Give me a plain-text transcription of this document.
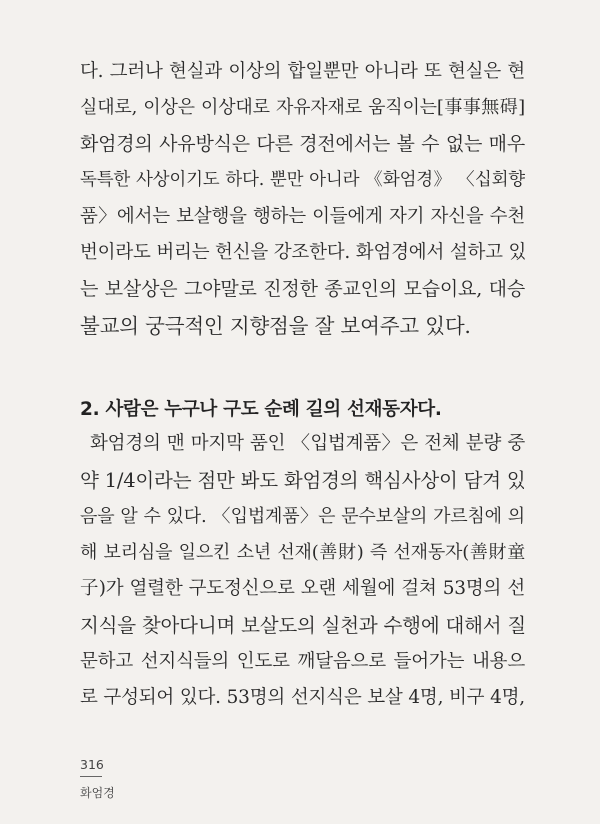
다. 그러나 현실과 이상의 합일뿐만 아니라 또 현실은 현
실대로, 이상은 이상대로 자유자재로 움직이는[事事無碍]
화엄경의 사유방식은 다른 경전에서는 볼 수 없는 매우
독특한 사상이기도 하다. 뿐만 아니라 《화엄경》 〈십회향
품〉에서는 보살행을 행하는 이들에게 자기 자신을 수천
번이라도 버리는 헌신을 강조한다. 화엄경에서 설하고 있
는 보살상은 그야말로 진정한 종교인의 모습이요, 대승
불교의 궁극적인 지향점을 잘 보여주고 있다.
2. 사람은 누구나 구도 순례 길의 선재동자다.
화엄경의 맨 마지막 품인 〈입법계품〉은 전체 분량 중
약 1/4이라는 점만 봐도 화엄경의 핵심사상이 담겨 있
음을 알 수 있다. 〈입법계품〉은 문수보살의 가르침에 의
해 보리심을 일으킨 소년 선재(善財) 즉 선재동자(善財童
子)가 열렬한 구도정신으로 오랜 세월에 걸쳐 53명의 선
지식을 찾아다니며 보살도의 실천과 수행에 대해서 질
문하고 선지식들의 인도로 깨달음으로 들어가는 내용으
로 구성되어 있다. 53명의 선지식은 보살 4명, 비구 4명,
316
화엄경
